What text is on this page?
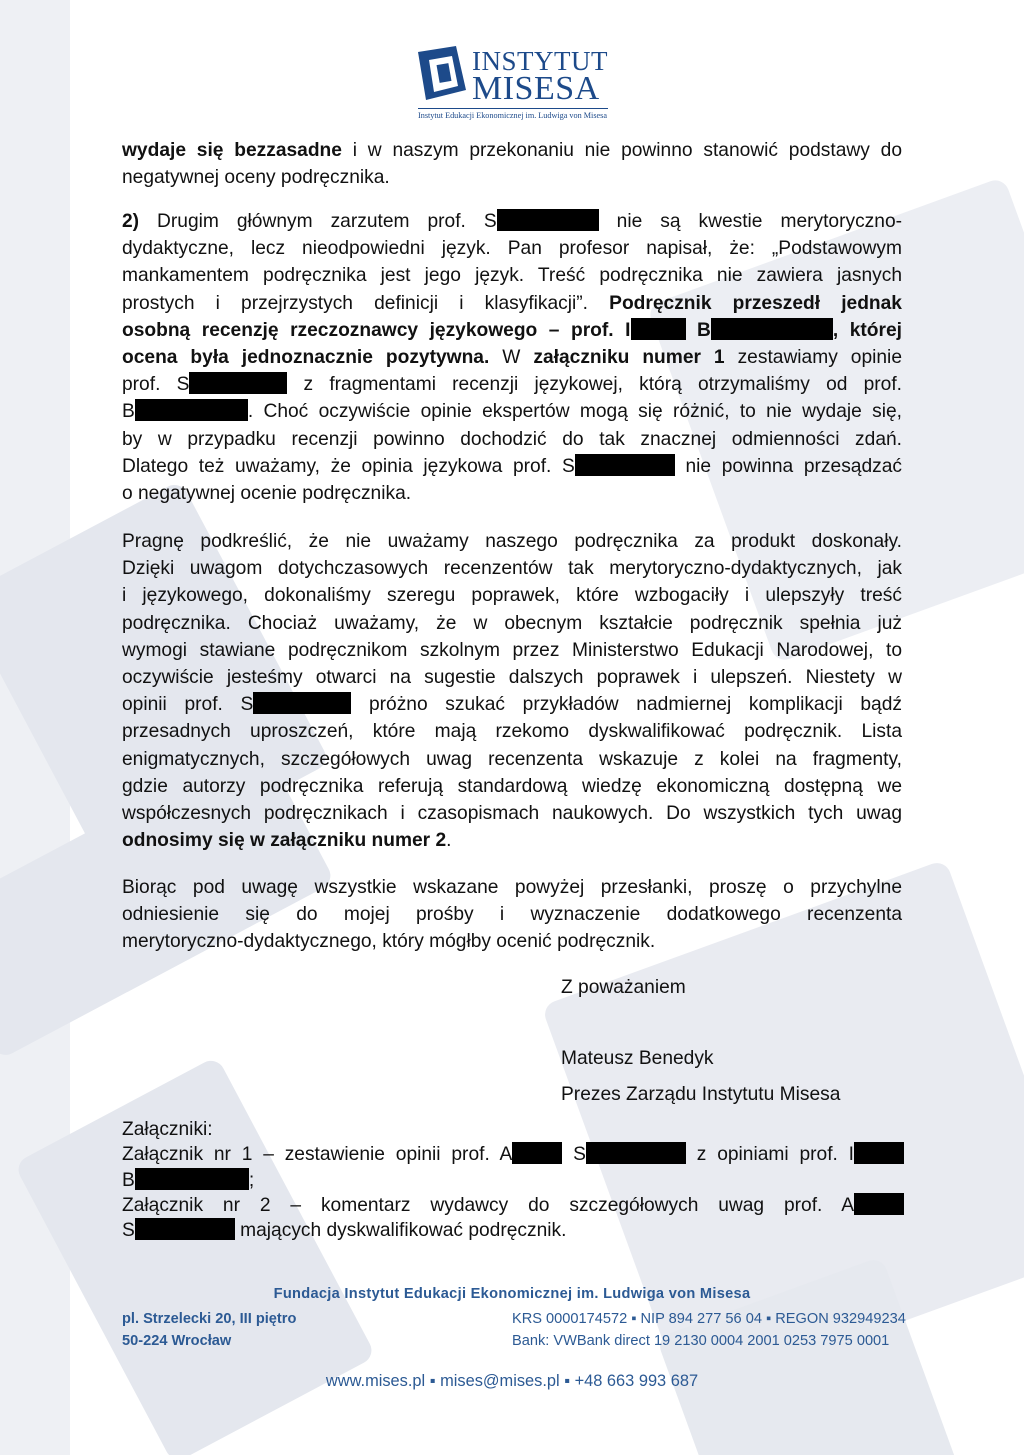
INSTYTUT
MISESA
Instytut Edukacji Ekonomicznej im. Ludwiga von Misesa
wydaje się bezzasadne i w naszym przekonaniu nie powinno stanowić podstawy do
negatywnej oceny podręcznika.
2) Drugim głównym zarzutem prof. S	nie są kwestie merytoryczno-
dydaktyczne, lecz nieodpowiedni język. Pan profesor napisał, że: „Podstawowym
mankamentem podręcznika jest jego język. Treść podręcznika nie zawiera jasnych
prostych i przejrzystych definicji i klasyfikacji”. Podręcznik przeszedł jednak
osobną recenzję rzeczoznawcy językowego – prof. I	B	, której
ocena była jednoznacznie pozytywna. W załączniku numer 1 zestawiamy opinie
prof. S	z fragmentami recenzji językowej, którą otrzymaliśmy od prof.
B	. Choć oczywiście opinie ekspertów mogą się różnić, to nie wydaje się,
by w przypadku recenzji powinno dochodzić do tak znacznej odmienności zdań.
Dlatego też uważamy, że opinia językowa prof. S	nie powinna przesądzać
o negatywnej ocenie podręcznika.
Pragnę podkreślić, że nie uważamy naszego podręcznika za produkt doskonały.
Dzięki uwagom dotychczasowych recenzentów tak merytoryczno-dydaktycznych, jak
i językowego, dokonaliśmy szeregu poprawek, które wzbogaciły i ulepszyły treść
podręcznika. Chociaż uważamy, że w obecnym kształcie podręcznik spełnia już
wymogi stawiane podręcznikom szkolnym przez Ministerstwo Edukacji Narodowej, to
oczywiście jesteśmy otwarci na sugestie dalszych poprawek i ulepszeń. Niestety w
opinii prof. S	próżno szukać przykładów nadmiernej komplikacji bądź
przesadnych uproszczeń, które mają rzekomo dyskwalifikować podręcznik. Lista
enigmatycznych, szczegółowych uwag recenzenta wskazuje z kolei na fragmenty,
gdzie autorzy podręcznika referują standardową wiedzę ekonomiczną dostępną we
współczesnych podręcznikach i czasopismach naukowych. Do wszystkich tych uwag
odnosimy się w załączniku numer 2.
Biorąc pod uwagę wszystkie wskazane powyżej przesłanki, proszę o przychylne
odniesienie się do mojej prośby i wyznaczenie dodatkowego recenzenta
merytoryczno-dydaktycznego, który mógłby ocenić podręcznik.
Z poważaniem
Mateusz Benedyk
Prezes Zarządu Instytutu Misesa
Załączniki:
Załącznik nr 1 – zestawienie opinii prof. A	S	z opiniami prof. I
B	;
Załącznik nr 2 – komentarz wydawcy do szczegółowych uwag prof. A
S	mających dyskwalifikować podręcznik.
Fundacja Instytut Edukacji Ekonomicznej im. Ludwiga von Misesa
pl. Strzelecki 20, III piętro
50-224 Wrocław
KRS 0000174572 ▪ NIP 894 277 56 04 ▪ REGON 932949234
Bank: VWBank direct 19 2130 0004 2001 0253 7975 0001
www.mises.pl ▪ mises@mises.pl ▪ +48 663 993 687
